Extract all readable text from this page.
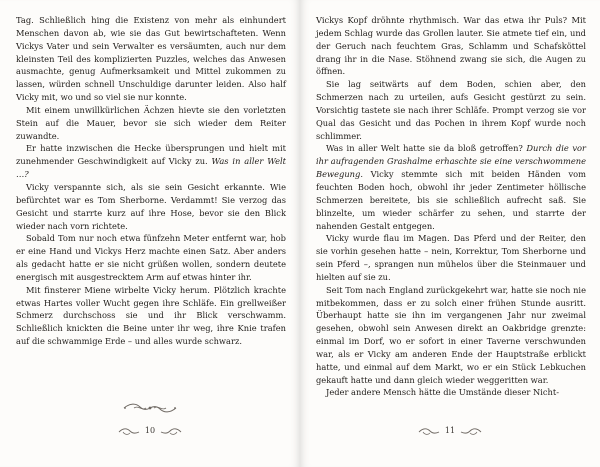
Tag. Schließlich hing die Existenz von mehr als einhundert Menschen davon ab, wie sie das Gut bewirtschafteten. Wenn Vickys Vater und sein Verwalter es versäumten, auch nur dem kleinsten Teil des komplizierten Puzzles, welches das Anwesen ausmachte, genug Aufmerksamkeit und Mittel zukommen zu lassen, würden schnell Unschuldige darunter leiden. Also half Vicky mit, wo und so viel sie nur konnte.

Mit einem unwillkürlichen Ächzen hievte sie den vorletzten Stein auf die Mauer, bevor sie sich wieder dem Reiter zuwandte.

Er hatte inzwischen die Hecke übersprungen und hielt mit zunehmender Geschwindigkeit auf Vicky zu. Was in aller Welt …?

Vicky verspannte sich, als sie sein Gesicht erkannte. Wie befürchtet war es Tom Sherborne. Verdammt! Sie verzog das Gesicht und starrte kurz auf ihre Hose, bevor sie den Blick wieder nach vorn richtete.

Sobald Tom nur noch etwa fünfzehn Meter entfernt war, hob er eine Hand und Vickys Herz machte einen Satz. Aber anders als gedacht hatte er sie nicht grüßen wollen, sondern deutete energisch mit ausgestrecktem Arm auf etwas hinter ihr.

Mit finsterer Miene wirbelte Vicky herum. Plötzlich krachte etwas Hartes voller Wucht gegen ihre Schläfe. Ein grellweißer Schmerz durchschoss sie und ihr Blick verschwamm. Schließlich knickten die Beine unter ihr weg, ihre Knie trafen auf die schwammige Erde – und alles wurde schwarz.

10

Vickys Kopf dröhnte rhythmisch. War das etwa ihr Puls? Mit jedem Schlag wurde das Grollen lauter. Sie atmete tief ein, und der Geruch nach feuchtem Gras, Schlamm und Schafsköttel drang ihr in die Nase. Stöhnend zwang sie sich, die Augen zu öffnen.

Sie lag seitwärts auf dem Boden, schien aber, den Schmerzen nach zu urteilen, aufs Gesicht gestürzt zu sein. Vorsichtig tastete sie nach ihrer Schläfe. Prompt verzog sie vor Qual das Gesicht und das Pochen in ihrem Kopf wurde noch schlimmer.

Was in aller Welt hatte sie da bloß getroffen? Durch die vor ihr aufragenden Grashalme erhaschte sie eine verschwommene Bewegung. Vicky stemmte sich mit beiden Händen vom feuchten Boden hoch, obwohl ihr jeder Zentimeter höllische Schmerzen bereitete, bis sie schließlich aufrecht saß. Sie blinzelte, um wieder schärfer zu sehen, und starrte der nahenden Gestalt entgegen.

Vicky wurde flau im Magen. Das Pferd und der Reiter, den sie vorhin gesehen hatte – nein, Korrektur, Tom Sherborne und sein Pferd –, sprangen nun mühelos über die Steinmauer und hielten auf sie zu.

Seit Tom nach England zurückgekehrt war, hatte sie noch nie mitbekommen, dass er zu solch einer frühen Stunde ausritt. Überhaupt hatte sie ihn im vergangenen Jahr nur zweimal gesehen, obwohl sein Anwesen direkt an Oakbridge grenzte: einmal im Dorf, wo er sofort in einer Taverne verschwunden war, als er Vicky am anderen Ende der Hauptstraße erblickt hatte, und einmal auf dem Markt, wo er ein Stück Lebkuchen gekauft hatte und dann gleich wieder weggeritten war.

Jeder andere Mensch hätte die Umstände dieser Nicht-

11
